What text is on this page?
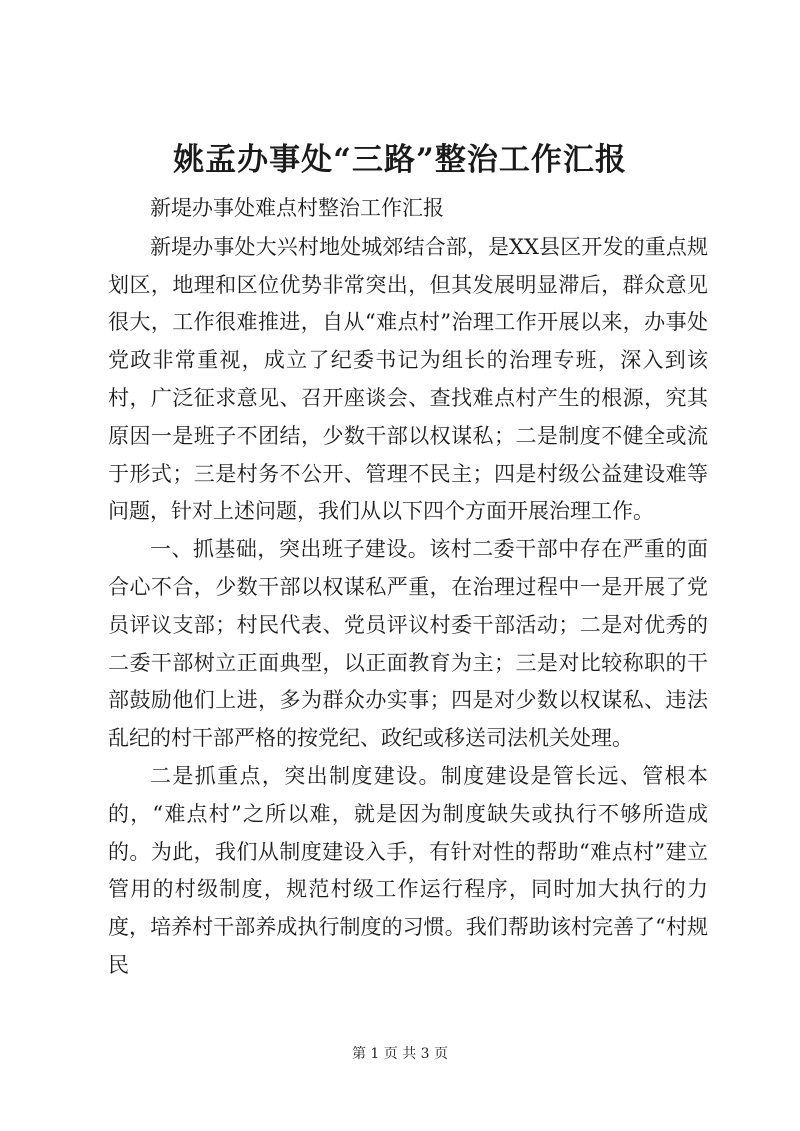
姚孟办事处“三路”整治工作汇报

新堤办事处难点村整治工作汇报

新堤办事处大兴村地处城郊结合部，是XX县区开发的重点规划区，地理和区位优势非常突出，但其发展明显滞后，群众意见很大，工作很难推进，自从“难点村”治理工作开展以来，办事处党政非常重视，成立了纪委书记为组长的治理专班，深入到该村，广泛征求意见、召开座谈会、查找难点村产生的根源，究其原因一是班子不团结，少数干部以权谋私；二是制度不健全或流于形式；三是村务不公开、管理不民主；四是村级公益建设难等问题，针对上述问题，我们从以下四个方面开展治理工作。

一、抓基础，突出班子建设。该村二委干部中存在严重的面合心不合，少数干部以权谋私严重，在治理过程中一是开展了党员评议支部；村民代表、党员评议村委干部活动；二是对优秀的二委干部树立正面典型，以正面教育为主；三是对比较称职的干部鼓励他们上进，多为群众办实事；四是对少数以权谋私、违法乱纪的村干部严格的按党纪、政纪或移送司法机关处理。

二是抓重点，突出制度建设。制度建设是管长远、管根本的，“难点村”之所以难，就是因为制度缺失或执行不够所造成的。为此，我们从制度建设入手，有针对性的帮助“难点村”建立管用的村级制度，规范村级工作运行程序，同时加大执行的力度，培养村干部养成执行制度的习惯。我们帮助该村完善了“村规民

第 1 页 共 3 页
